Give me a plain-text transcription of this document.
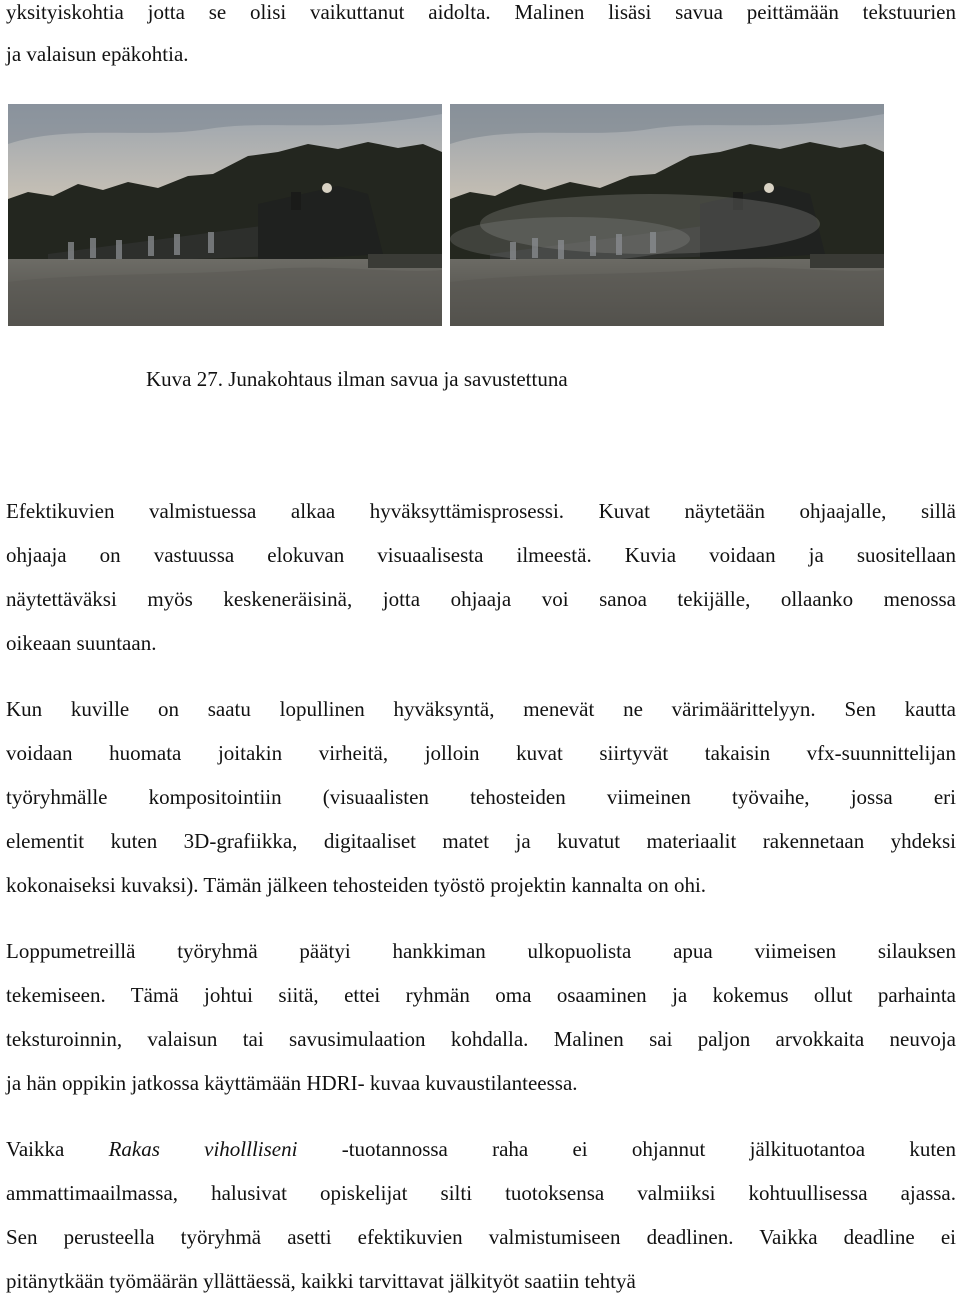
yksityiskohtia jotta se olisi vaikuttanut aidolta. Malinen lisäsi savua peittämään tekstuurien
ja valaisun epäkohtia.
Kuva 27. Junakohtaus ilman savua ja savustettuna
Efektikuvien valmistuessa alkaa hyväksyttämisprosessi. Kuvat näytetään ohjaajalle, sillä
ohjaaja on vastuussa elokuvan visuaalisesta ilmeestä. Kuvia voidaan ja suositellaan
näytettäväksi myös keskeneräisinä, jotta ohjaaja voi sanoa tekijälle, ollaanko menossa
oikeaan suuntaan.
Kun kuville on saatu lopullinen hyväksyntä, menevät ne värimäärittelyyn. Sen kautta
voidaan huomata joitakin virheitä, jolloin kuvat siirtyvät takaisin vfx-suunnittelijan
työryhmälle kompositointiin (visuaalisten tehosteiden viimeinen työvaihe, jossa eri
elementit kuten 3D-grafiikka, digitaaliset matet ja kuvatut materiaalit rakennetaan yhdeksi
kokonaiseksi kuvaksi). Tämän jälkeen tehosteiden työstö projektin kannalta on ohi.
Loppumetreillä työryhmä päätyi hankkiman ulkopuolista apua viimeisen silauksen
tekemiseen. Tämä johtui siitä, ettei ryhmän oma osaaminen ja kokemus ollut parhainta
teksturoinnin, valaisun tai savusimulaation kohdalla. Malinen sai paljon arvokkaita neuvoja
ja hän oppikin jatkossa käyttämään HDRI- kuvaa kuvaustilanteessa.
Vaikka Rakas vihollliseni -tuotannossa raha ei ohjannut jälkituotantoa kuten
ammattimaailmassa, halusivat opiskelijat silti tuotoksensa valmiiksi kohtuullisessa ajassa.
Sen perusteella työryhmä asetti efektikuvien valmistumiseen deadlinen. Vaikka deadline ei
pitänytkään työmäärän yllättäessä, kaikki tarvittavat jälkityöt saatiin tehtyä
